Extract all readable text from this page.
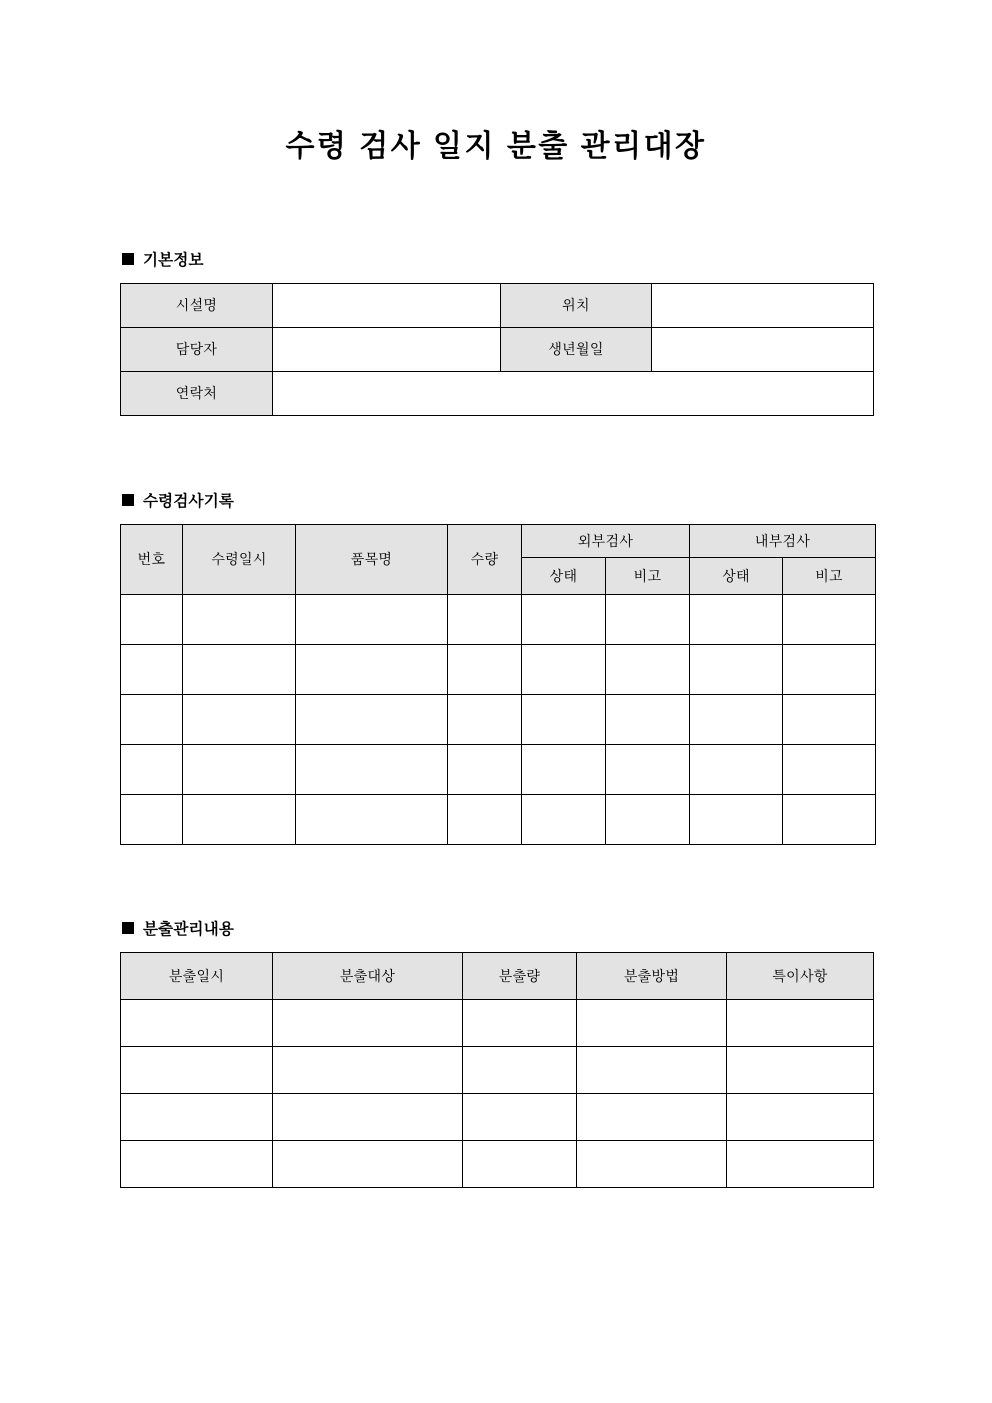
수령 검사 일지 분출 관리대장
기본정보
시설명		위치	
담당자		생년월일	
연락처			
수령검사기록
번호	수령일시	품목명	수량	외부검사		내부검사	
				상태	비고	상태	비고

분출관리내용
분출일시	분출대상	분출량	분출방법	특이사항
